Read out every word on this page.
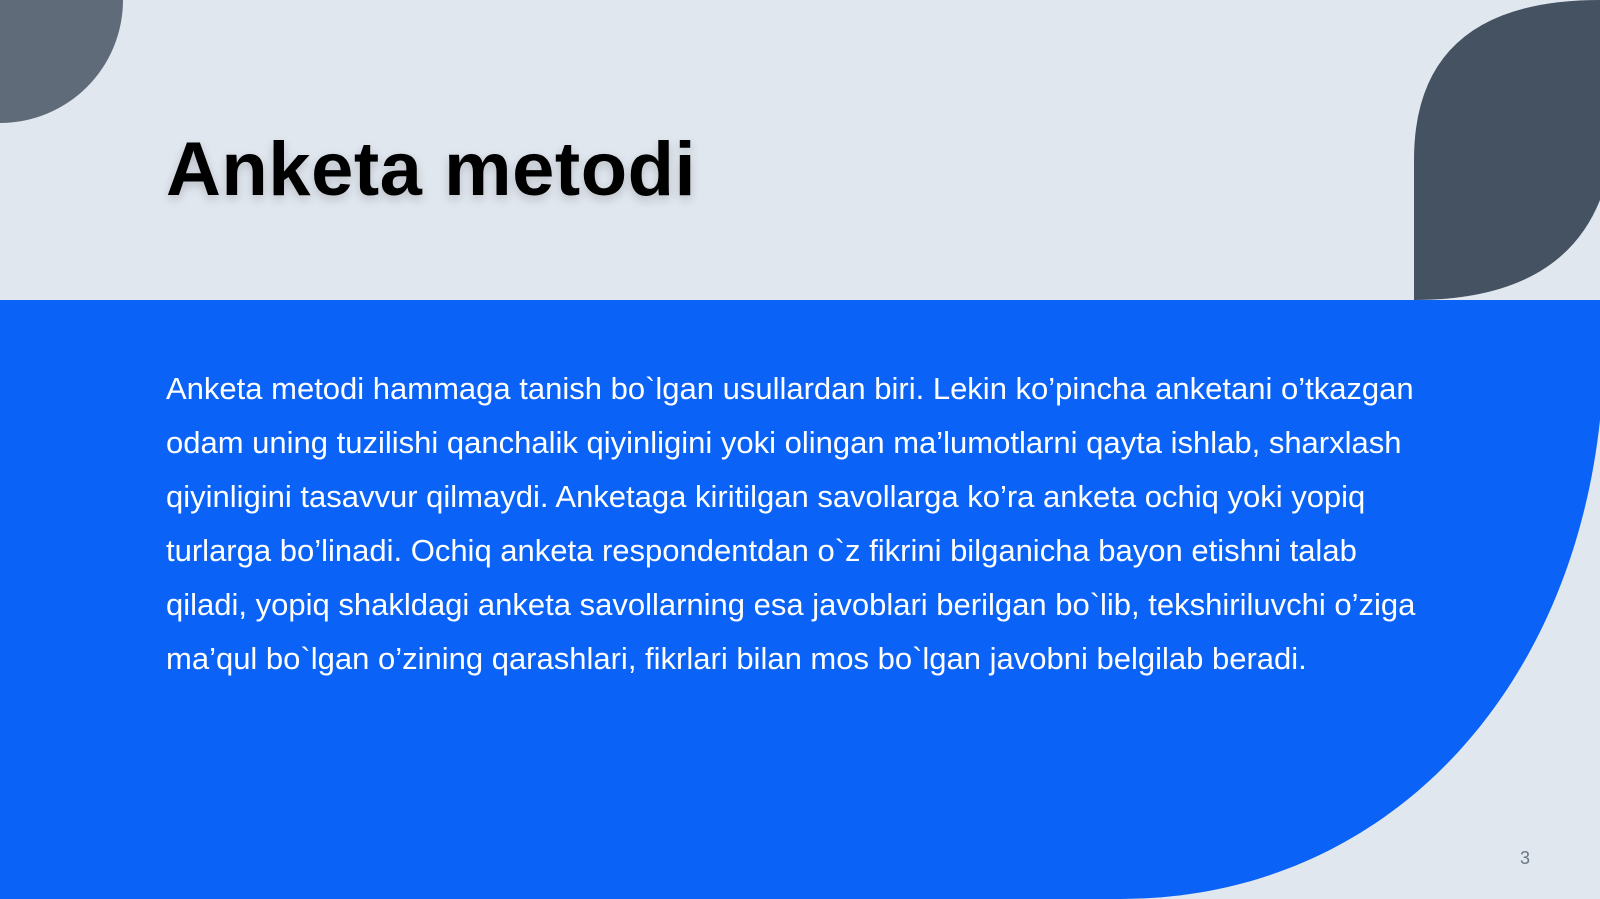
Anketa metodi

Anketa metodi hammaga tanish bo`lgan usullardan biri. Lekin ko’pincha anketani o’tkazgan odam uning tuzilishi qanchalik qiyinligini yoki olingan ma’lumotlarni qayta ishlab, sharxlash qiyinligini tasavvur qilmaydi. Anketaga kiritilgan savollarga ko’ra anketa ochiq yoki yopiq turlarga bo’linadi. Ochiq anketa respondentdan o`z fikrini bilganicha bayon etishni talab qiladi, yopiq shakldagi anketa savollarning esa javoblari berilgan bo`lib, tekshiriluvchi o’ziga ma’qul bo`lgan o’zining qarashlari, fikrlari bilan mos bo`lgan javobni belgilab beradi.

3
